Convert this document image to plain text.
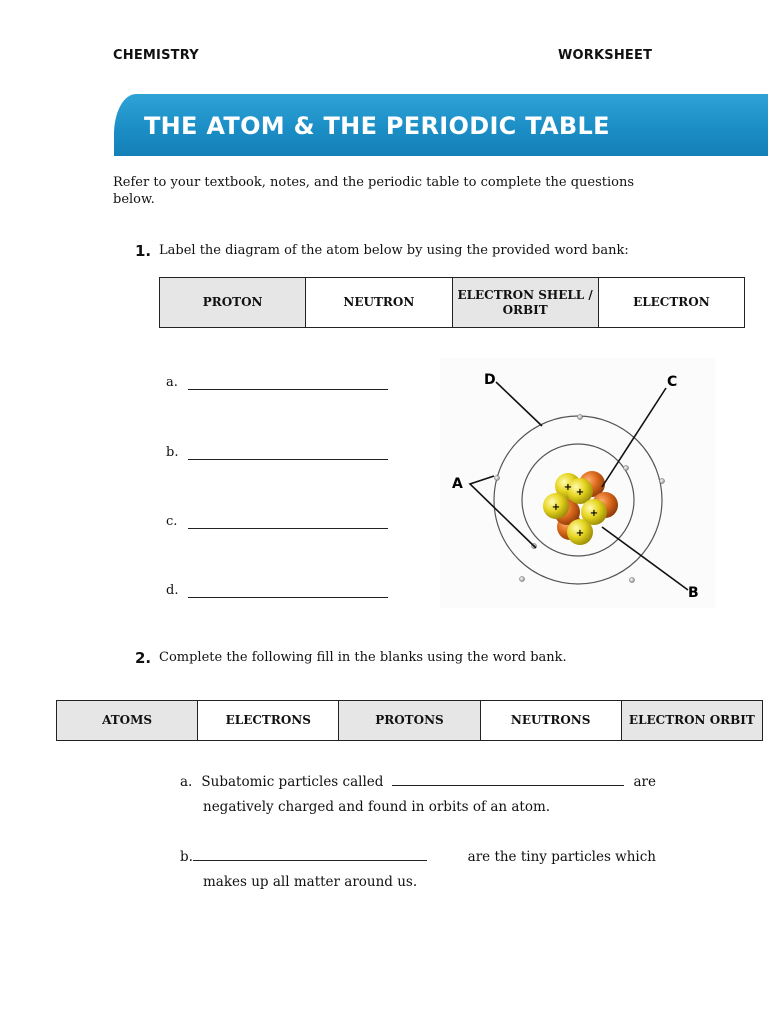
CHEMISTRY	WORKSHEET
THE ATOM & THE PERIODIC TABLE
Refer to your textbook, notes, and the periodic table to complete the questions below.
1. Label the diagram of the atom below by using the provided word bank:
PROTON	NEUTRON	ELECTRON SHELL / ORBIT	ELECTRON
a.
b.
c.
d.
+
+
+
+
+
D	C
A
B
2. Complete the following fill in the blanks using the word bank.
ATOMS	ELECTRONS	PROTONS	NEUTRONS	ELECTRON ORBIT
a. Subatomic particles called	are
negatively charged and found in orbits of an atom.
b.	are the tiny particles which
makes up all matter around us.
